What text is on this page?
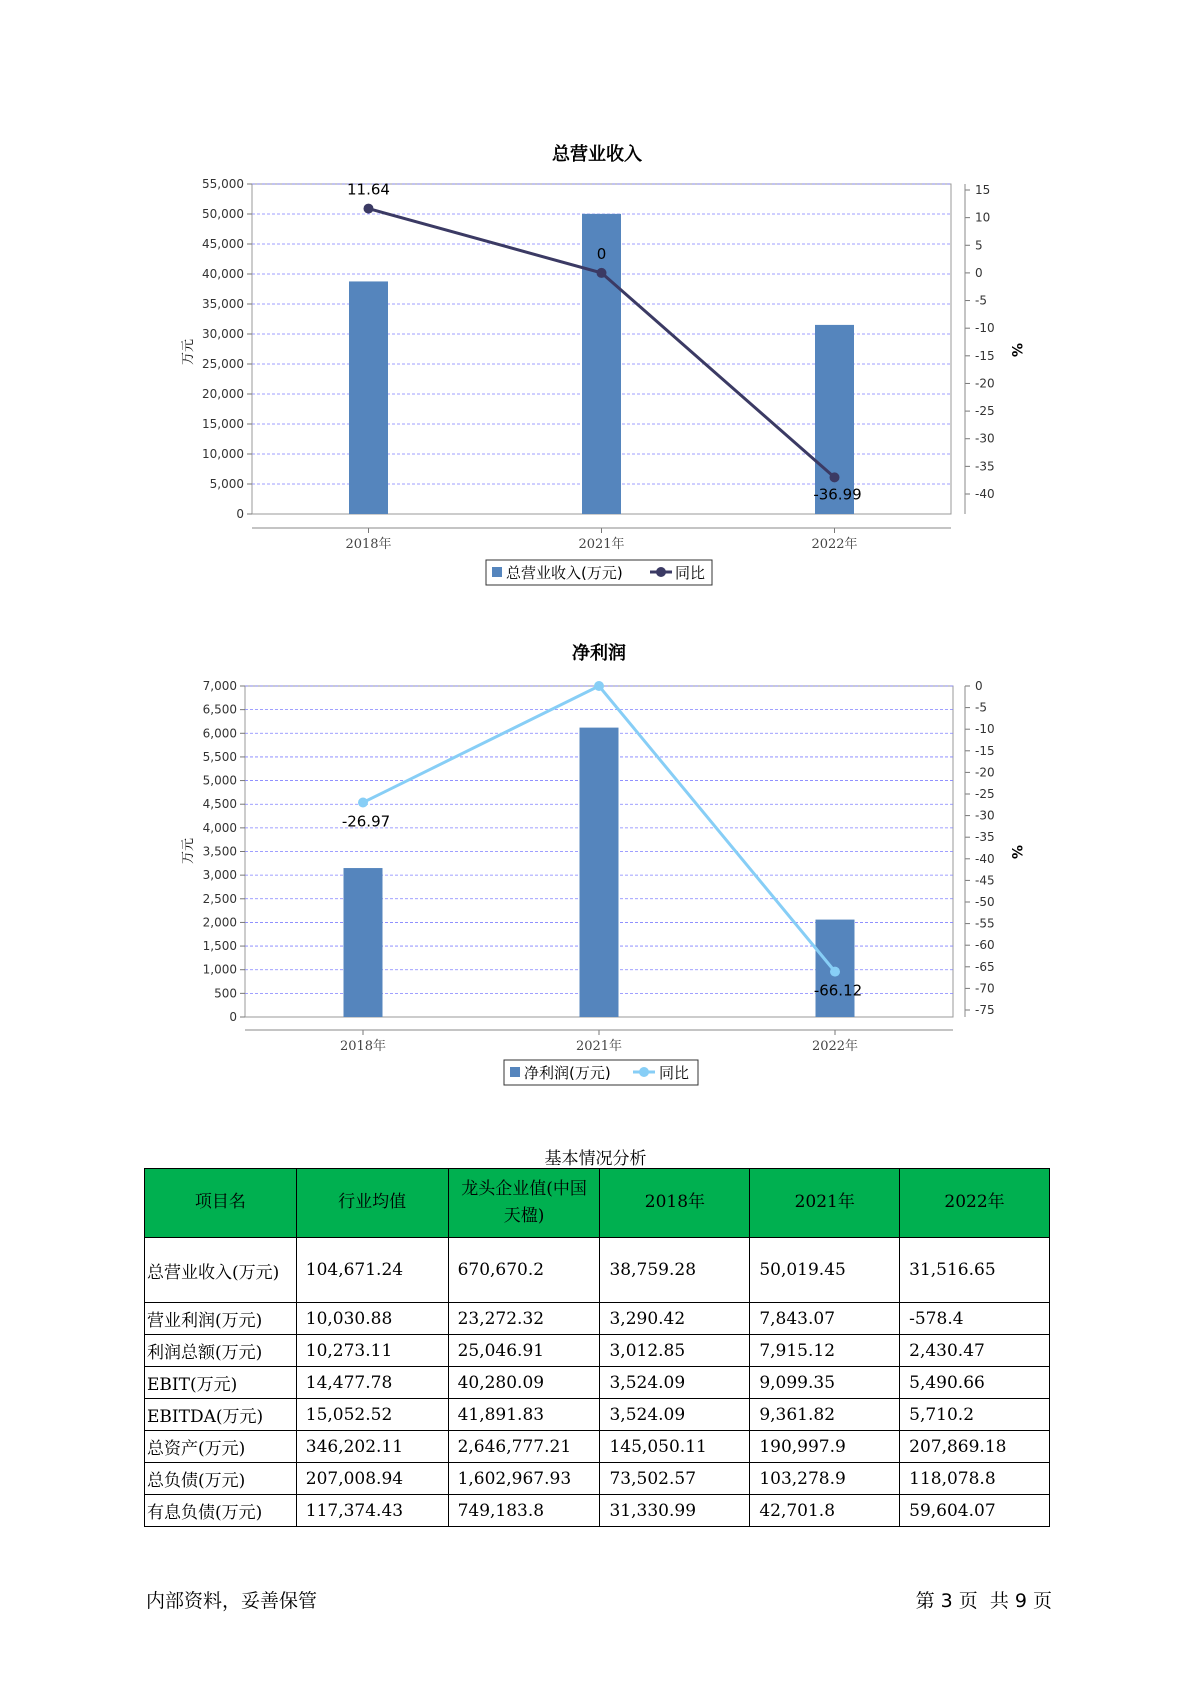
总营业收入
11.64
0
-36.99
0
5,000
10,000
15,000
20,000
25,000
30,000
35,000
40,000
45,000
50,000
55,000	15
10
5
0
-5
-10
-15
-20
-25
-30
-35
-40
2018年	2021年	2022年
万元	%
总营业收入(万元)	同比
净利润
-26.97
-66.12
0
500
1,000
1,500
2,000
2,500
3,000
3,500
4,000
4,500
5,000
5,500
6,000
6,500
7,000	0
-5
-10
-15
-20
-25
-30
-35
-40
-45
-50
-55
-60
-65
-70
-75
2018年	2021年	2022年
万元	%
净利润(万元)	同比
基本情况分析
项目名	行业均值	龙头企业值(中国天楹)	2018年	2021年	2022年
总营业收入(万元)	104,671.24	670,670.2	38,759.28	50,019.45	31,516.65
营业利润(万元)	10,030.88	23,272.32	3,290.42	7,843.07	-578.4
利润总额(万元)	10,273.11	25,046.91	3,012.85	7,915.12	2,430.47
EBIT(万元)	14,477.78	40,280.09	3,524.09	9,099.35	5,490.66
EBITDA(万元)	15,052.52	41,891.83	3,524.09	9,361.82	5,710.2
总资产(万元)	346,202.11	2,646,777.21	145,050.11	190,997.9	207,869.18
总负债(万元)	207,008.94	1,602,967.93	73,502.57	103,278.9	118,078.8
有息负债(万元)	117,374.43	749,183.8	31,330.99	42,701.8	59,604.07
内部资料，妥善保管	第 3 页  共 9 页
